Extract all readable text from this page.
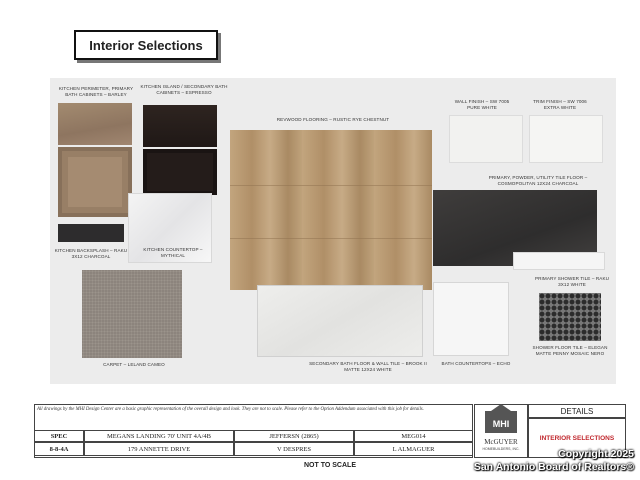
Interior Selections
KITCHEN PERIMETER, PRIMARY BATH CABINETS – BARLEY
KITCHEN ISLAND / SECONDARY BATH CABINETS – ESPRESSO
KITCHEN COUNTERTOP – MYTHICAL
KITCHEN BACKSPLASH – RAKU 3X12 CHARCOAL
REVWOOD FLOORING – RUSTIC RYE CHESTNUT
WALL FINISH – SW 7005 PURE WHITE
TRIM FINISH – SW 7006 EXTRA WHITE
PRIMARY, POWDER, UTILITY TILE FLOOR – COSMOPOLITAN 12X24 CHARCOAL
PRIMARY SHOWER TILE – RAKU 3X12 WHITE
CARPET – LELAND CAMEO	SECONDARY BATH FLOOR & WALL TILE – BROOK II MATTE 12X24 WHITE
BATH COUNTERTOPS – ECHO
SHOWER FLOOR TILE – ELEGAN MATTE PENNY MOSAIC NERO
All drawings by the MHI Design Center are a basic graphic representation of the overall design and look. They are not to scale. Please refer to the Option Addendum associated with this job for details.
SPEC	MEGANS LANDING 70' UNIT 4A/4B	JEFFERSN (2865)	MEG014
8-8-4A	179 ANNETTE DRIVE	V DESPRES	L ALMAGUER
MHI
McGUYER
HOMEBUILDERS, INC.
DETAILS
INTERIOR SELECTIONS
NOT TO SCALE
Copyright 2025
San Antonio Board of Realtors®
